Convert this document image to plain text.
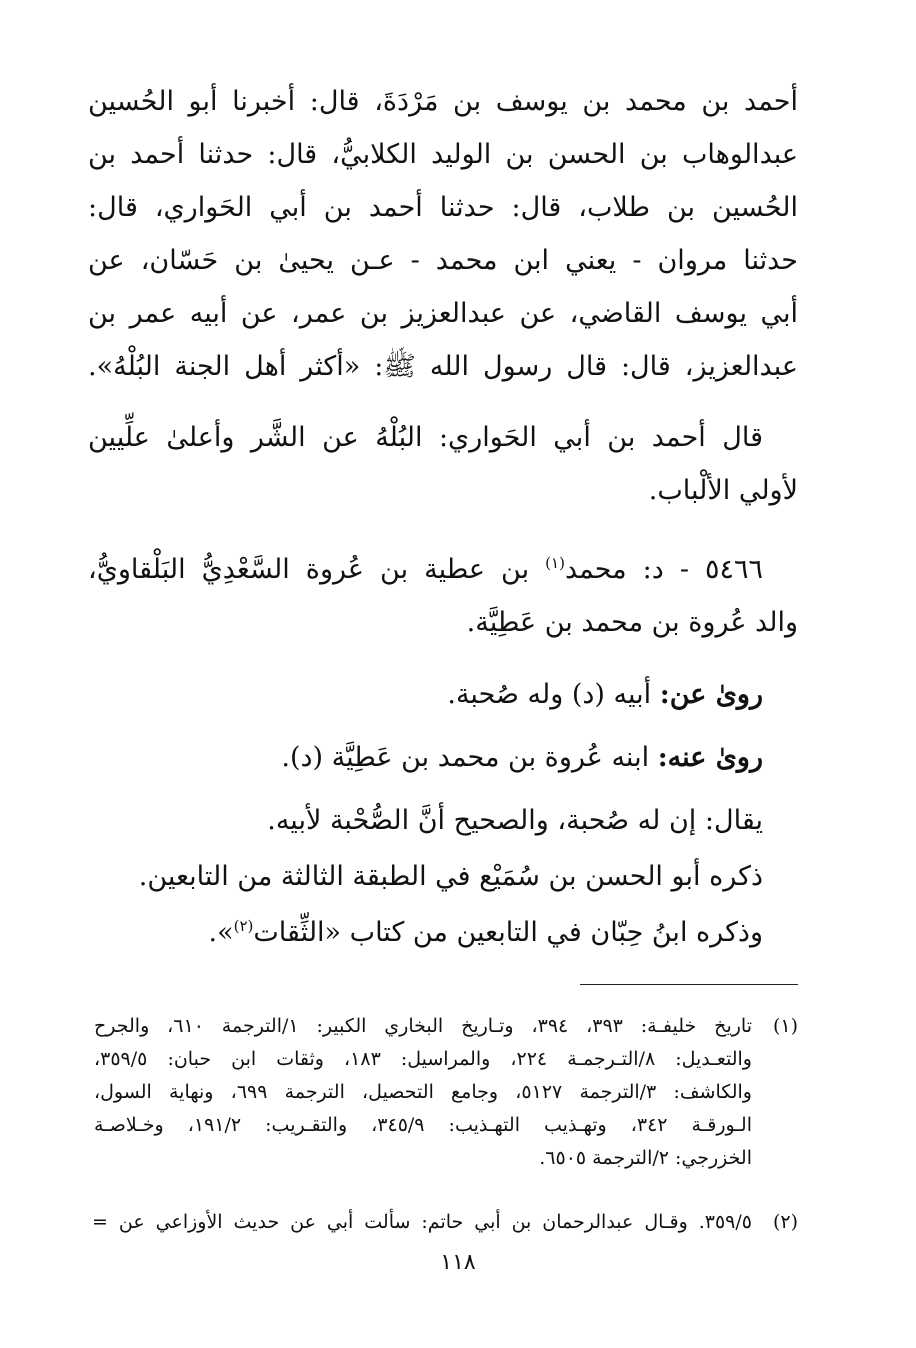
أحمد بن محمد بن يوسف بن مَرْدَةَ، قال: أخبرنا أبو الحُسين
عبدالوهاب بن الحسن بن الوليد الكلابيُّ، قال: حدثنا أحمد بن
الحُسين بن طلاب، قال: حدثنا أحمد بن أبي الحَواري، قال:
حدثنا مروان - يعني ابن محمد - عـن يحيىٰ بن حَسّان، عن
أبي يوسف القاضي، عن عبدالعزيز بن عمر، عن أبيه عمر بن
عبدالعزيز، قال: قال رسول الله ﷺ: «أكثر أهل الجنة البُلْهُ».
قال أحمد بن أبي الحَواري: البُلْهُ عن الشَّر وأعلىٰ علِّيين
لأولي الألْباب.
٥٤٦٦ - د: محمد$^{(١)}$ بن عطية بن عُروة السَّعْدِيُّ البَلْقاويُّ،
والد عُروة بن محمد بن عَطِيَّة.
روىٰ عن: أبيه (د) وله صُحبة.
روىٰ عنه: ابنه عُروة بن محمد بن عَطِيَّة (د).
يقال: إن له صُحبة، والصحيح أنَّ الصُّحْبة لأبيه.
ذكره أبو الحسن بن سُمَيْع في الطبقة الثالثة من التابعين.
وذكره ابنُ حِبّان في التابعين من كتاب «الثِّقات$^{(٢)}$».
(١)
تاريخ خليفـة: ٣٩٣، ٣٩٤، وتـاريخ البخاري الكبير: ١/الترجمة ٦١٠، والجرح
والتعـديل: ٨/التـرجمـة ٢٢٤، والمراسيل: ١٨٣، وثقات ابن حبان: ٣٥٩/٥،
والكاشف: ٣/الترجمة ٥١٢٧، وجامع التحصيل، الترجمة ٦٩٩، ونهاية السول،
الـورقـة ٣٤٢، وتهـذيب التهـذيب: ٣٤٥/٩، والتقـريب: ١٩١/٢، وخـلاصـة
الخزرجي: ٢/الترجمة ٦٥٠٥.
(٢)
٣٥٩/٥. وقـال عبدالرحمان بن أبي حاتم: سألت أبي عن حديث الأوزاعي عن =
١١٨
